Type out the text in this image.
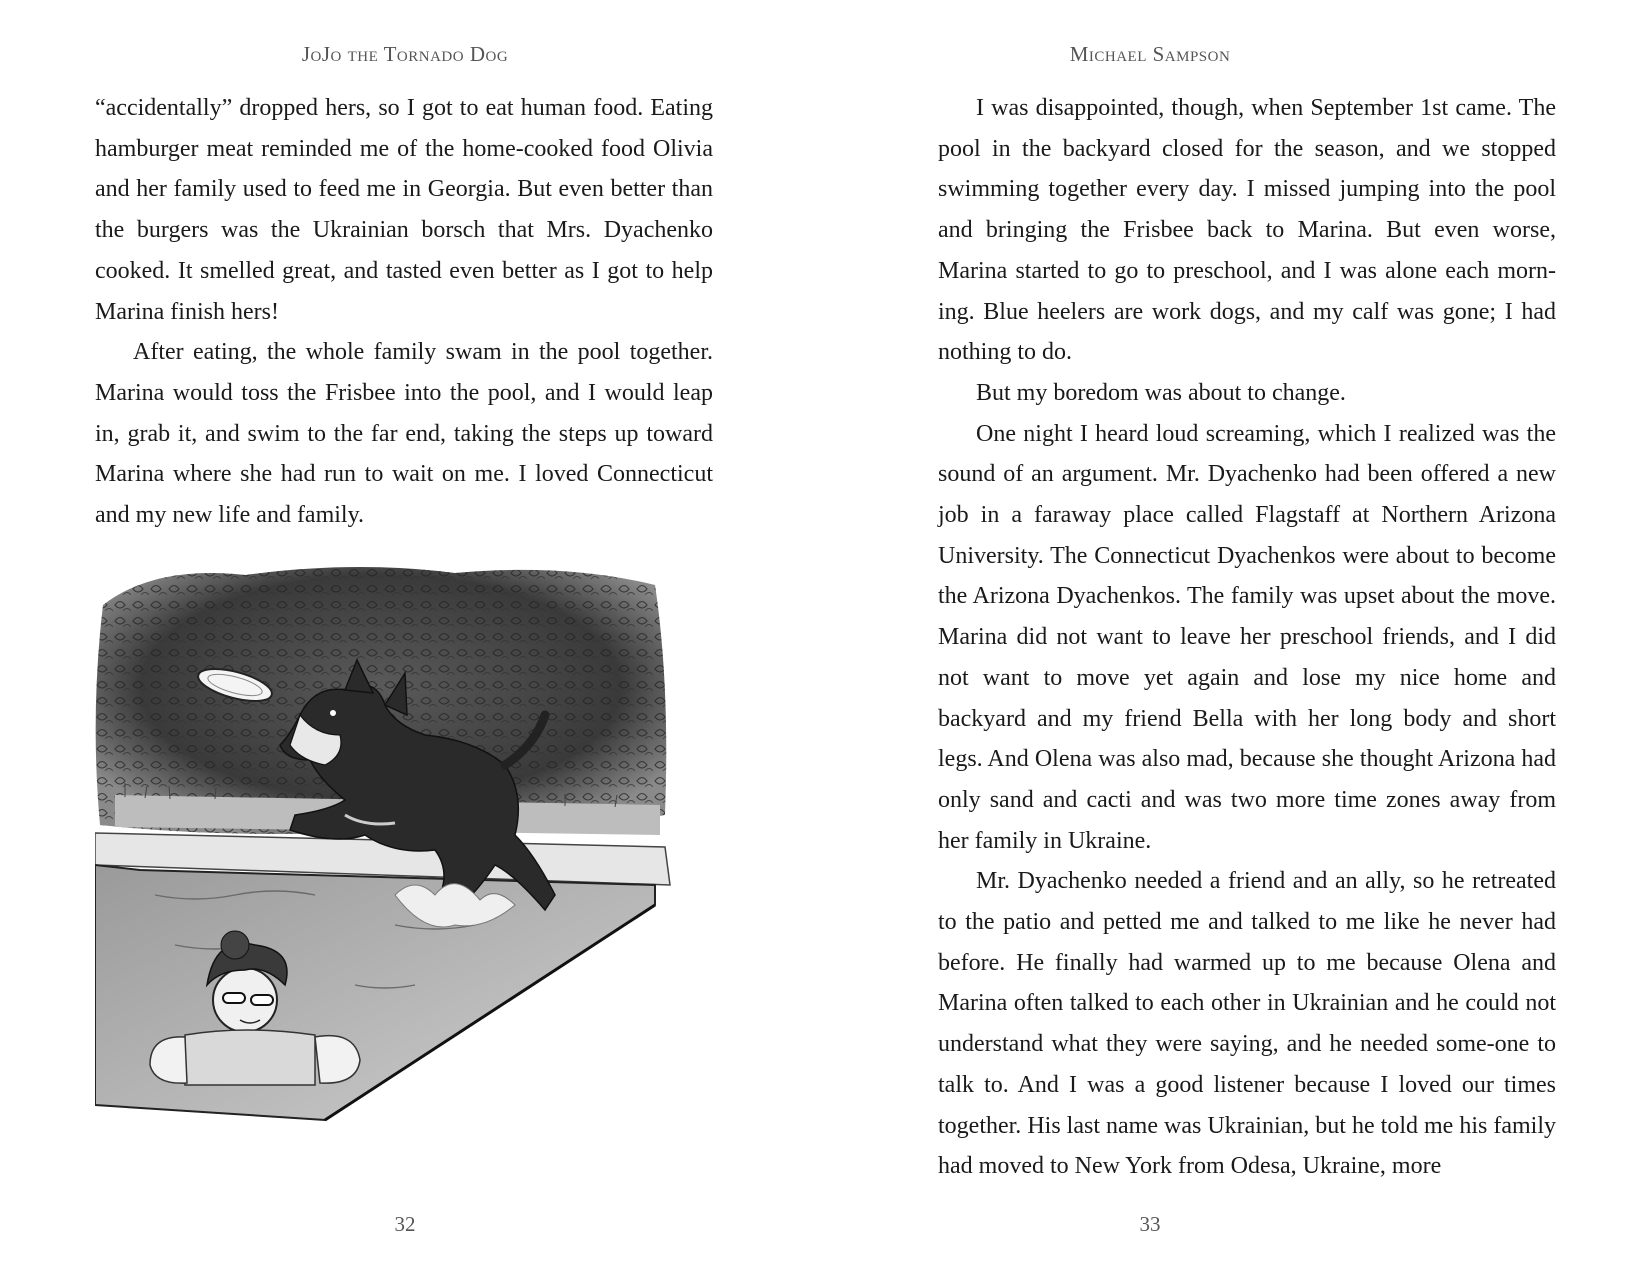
JoJo the Tornado Dog

“accidentally” dropped hers, so I got to eat human food. Eating hamburger meat reminded me of the home-cooked food Olivia and her family used to feed me in Georgia. But even better than the burgers was the Ukrainian borsch that Mrs. Dyachenko cooked. It smelled great, and tasted even better as I got to help Marina finish hers!

After eating, the whole family swam in the pool together. Marina would toss the Frisbee into the pool, and I would leap in, grab it, and swim to the far end, taking the steps up toward Marina where she had run to wait on me. I loved Connecticut and my new life and family.

32
Michael Sampson

I was disappointed, though, when September 1st came. The pool in the backyard closed for the season, and we stopped swimming together every day. I missed jumping into the pool and bringing the Frisbee back to Marina. But even worse, Marina started to go to preschool, and I was alone each morn-ing. Blue heelers are work dogs, and my calf was gone; I had nothing to do.

But my boredom was about to change.

One night I heard loud screaming, which I realized was the sound of an argument. Mr. Dyachenko had been offered a new job in a faraway place called Flagstaff at Northern Arizona University. The Connecticut Dyachenkos were about to become the Arizona Dyachenkos. The family was upset about the move. Marina did not want to leave her preschool friends, and I did not want to move yet again and lose my nice home and backyard and my friend Bella with her long body and short legs. And Olena was also mad, because she thought Arizona had only sand and cacti and was two more time zones away from her family in Ukraine.

Mr. Dyachenko needed a friend and an ally, so he retreated to the patio and petted me and talked to me like he never had before. He finally had warmed up to me because Olena and Marina often talked to each other in Ukrainian and he could not understand what they were saying, and he needed some-one to talk to. And I was a good listener because I loved our times together. His last name was Ukrainian, but he told me his family had moved to New York from Odesa, Ukraine, more

33
